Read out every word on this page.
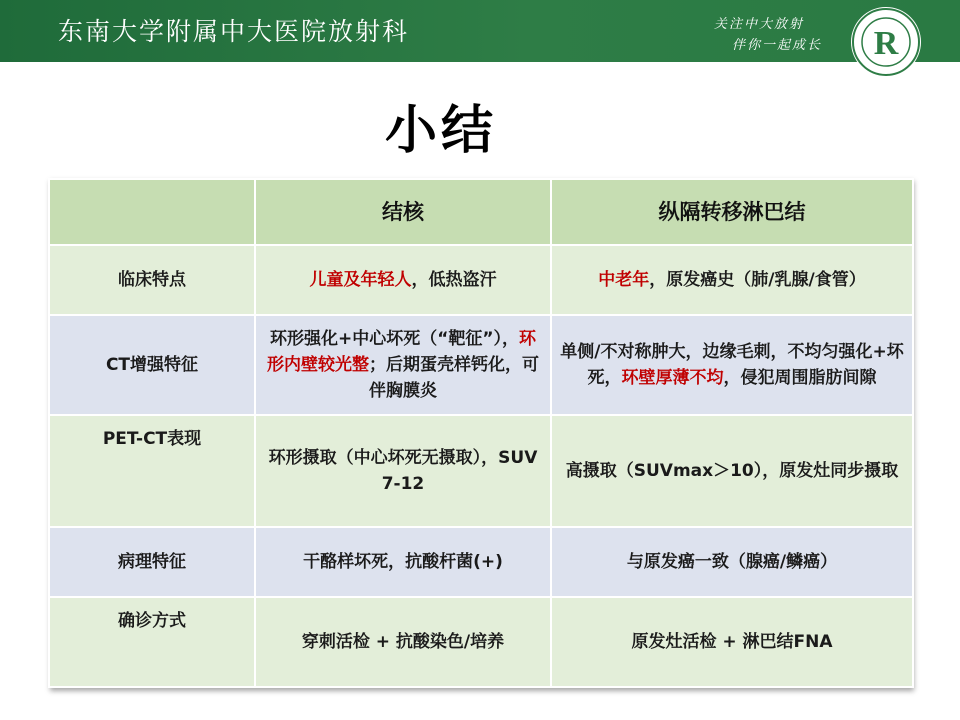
东南大学附属中大医院放射科	关注中大放射
伴你一起成长 R
小结
	结核	纵隔转移淋巴结
临床特点	儿童及年轻人，低热盗汗	中老年，原发癌史（肺/乳腺/食管）
CT增强特征	环形强化+中心坏死（“靶征”），环形内壁较光整；后期蛋壳样钙化，可伴胸膜炎	单侧/不对称肿大，边缘毛刺，不均匀强化+坏死，环壁厚薄不均，侵犯周围脂肪间隙
PET-CT表现	环形摄取（中心坏死无摄取），SUV 7-12	高摄取（SUVmax＞10），原发灶同步摄取
病理特征	干酪样坏死，抗酸杆菌(+)	与原发癌一致（腺癌/鳞癌）
确诊方式	穿刺活检 + 抗酸染色/培养	原发灶活检 + 淋巴结FNA
